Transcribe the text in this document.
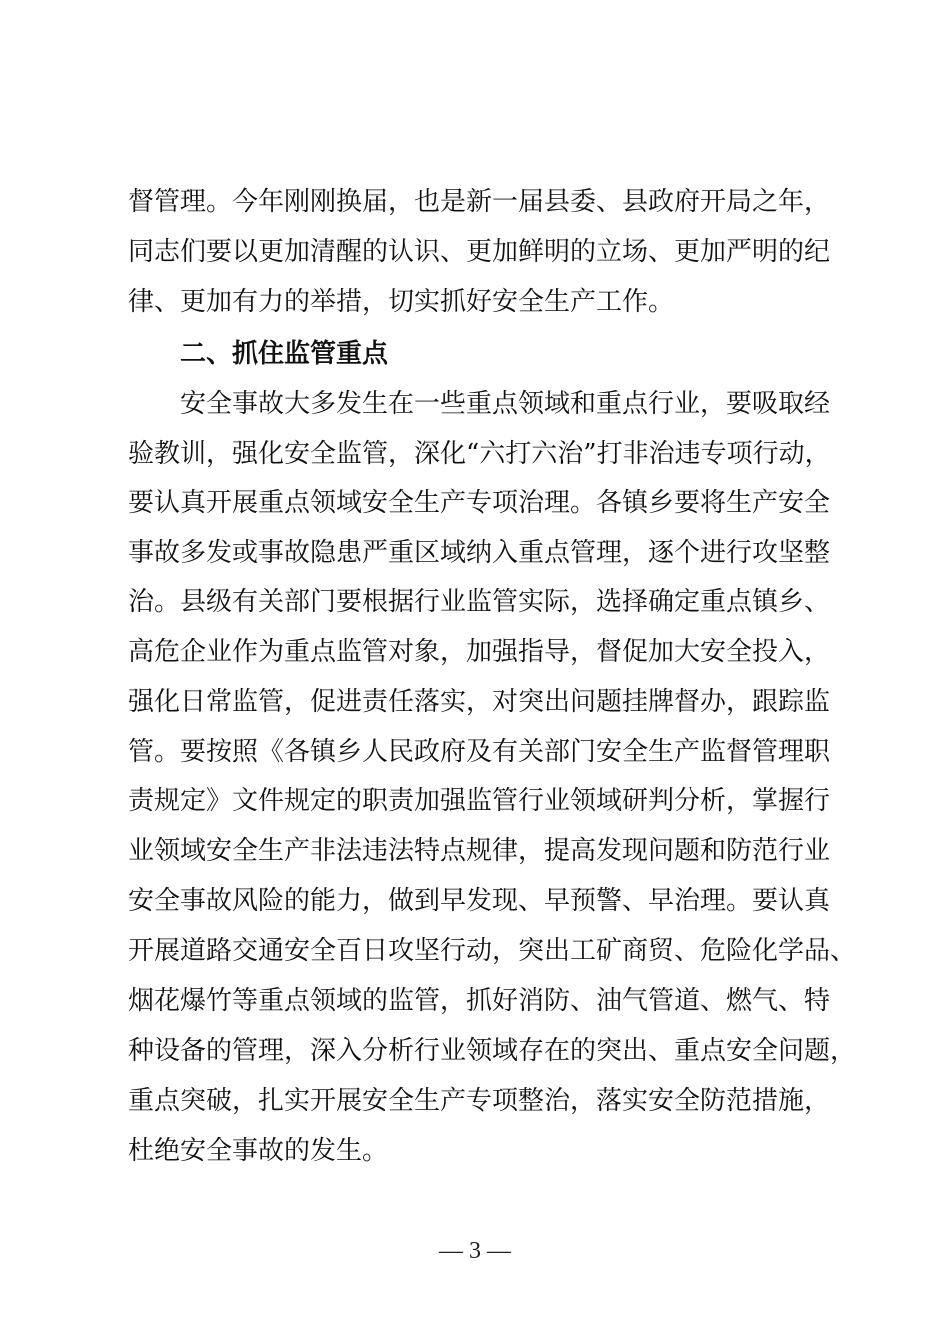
督管理。今年刚刚换届，也是新一届县委、县政府开局之年，
同志们要以更加清醒的认识、更加鲜明的立场、更加严明的纪
律、更加有力的举措，切实抓好安全生产工作。
二、抓住监管重点
安全事故大多发生在一些重点领域和重点行业，要吸取经
验教训，强化安全监管，深化“六打六治”打非治违专项行动，
要认真开展重点领域安全生产专项治理。各镇乡要将生产安全
事故多发或事故隐患严重区域纳入重点管理，逐个进行攻坚整
治。县级有关部门要根据行业监管实际，选择确定重点镇乡、
高危企业作为重点监管对象，加强指导，督促加大安全投入，
强化日常监管，促进责任落实，对突出问题挂牌督办，跟踪监
管。要按照《各镇乡人民政府及有关部门安全生产监督管理职
责规定》文件规定的职责加强监管行业领域研判分析，掌握行
业领域安全生产非法违法特点规律，提高发现问题和防范行业
安全事故风险的能力，做到早发现、早预警、早治理。要认真
开展道路交通安全百日攻坚行动，突出工矿商贸、危险化学品、
烟花爆竹等重点领域的监管，抓好消防、油气管道、燃气、特
种设备的管理，深入分析行业领域存在的突出、重点安全问题，
重点突破，扎实开展安全生产专项整治，落实安全防范措施，
杜绝安全事故的发生。
— 3 —
